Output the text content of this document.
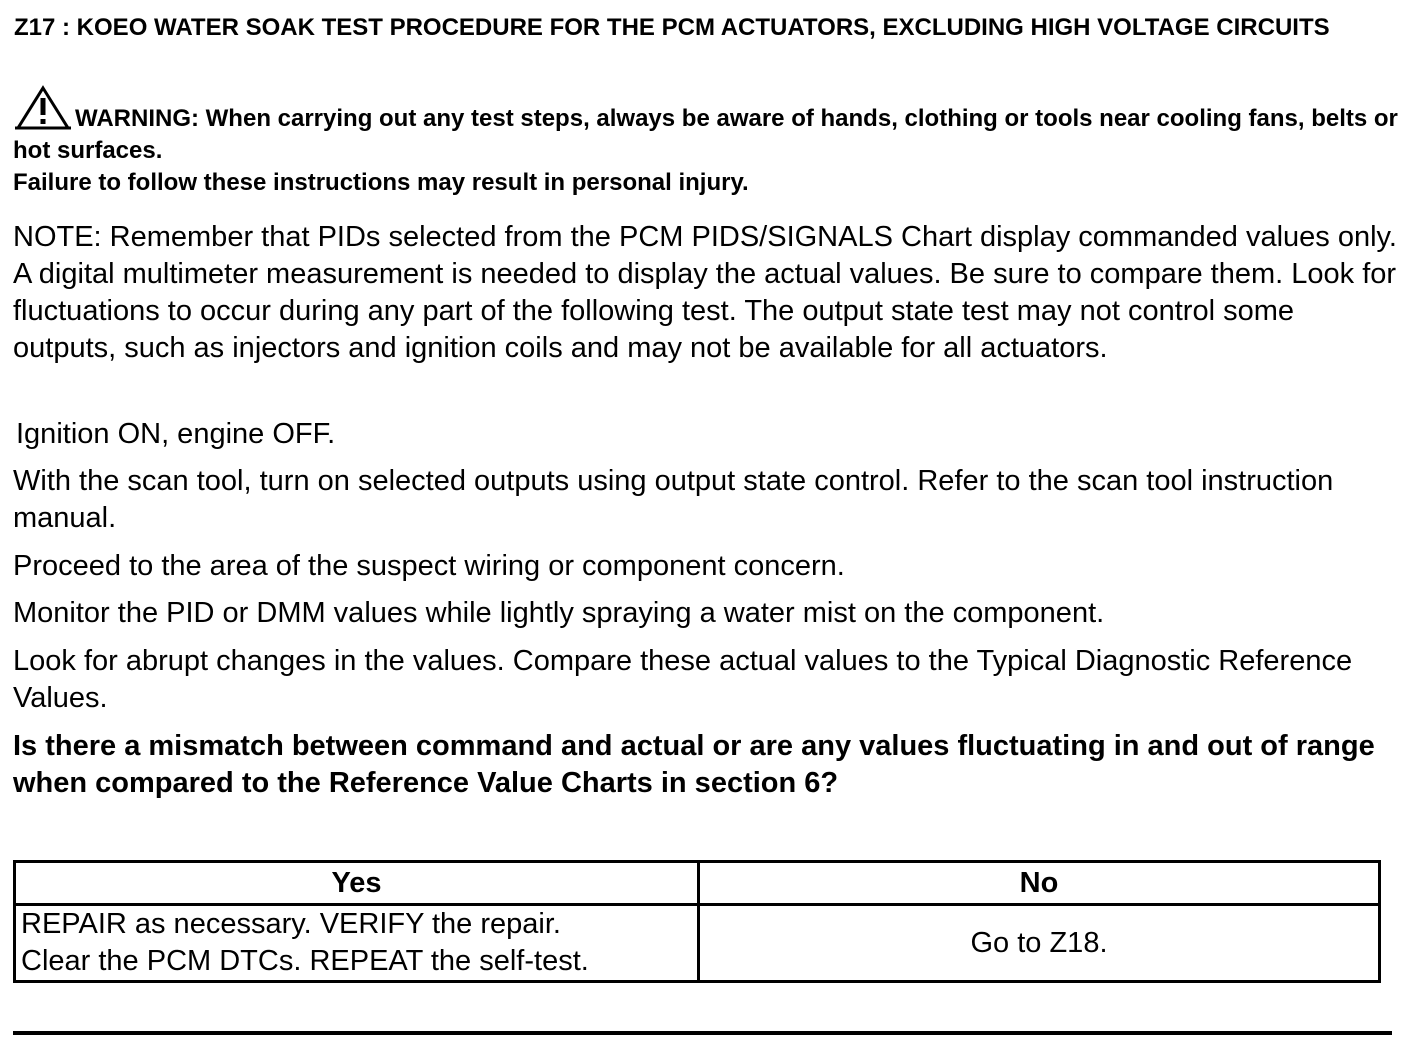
Z17 : KOEO WATER SOAK TEST PROCEDURE FOR THE PCM ACTUATORS, EXCLUDING HIGH VOLTAGE CIRCUITS
WARNING: When carrying out any test steps, always be aware of hands, clothing or tools near cooling fans, belts or hot surfaces.
Failure to follow these instructions may result in personal injury.
NOTE: Remember that PIDs selected from the PCM PIDS/SIGNALS Chart display commanded values only. A digital multimeter measurement is needed to display the actual values. Be sure to compare them. Look for fluctuations to occur during any part of the following test. The output state test may not control some outputs, such as injectors and ignition coils and may not be available for all actuators.
Ignition ON, engine OFF.
With the scan tool, turn on selected outputs using output state control. Refer to the scan tool instruction manual.
Proceed to the area of the suspect wiring or component concern.
Monitor the PID or DMM values while lightly spraying a water mist on the component.
Look for abrupt changes in the values. Compare these actual values to the Typical Diagnostic Reference Values.
Is there a mismatch between command and actual or are any values fluctuating in and out of range when compared to the Reference Value Charts in section 6?
Yes	No

REPAIR as necessary. VERIFY the repair.
Clear the PCM DTCs. REPEAT the self-test.	Go to Z18.
